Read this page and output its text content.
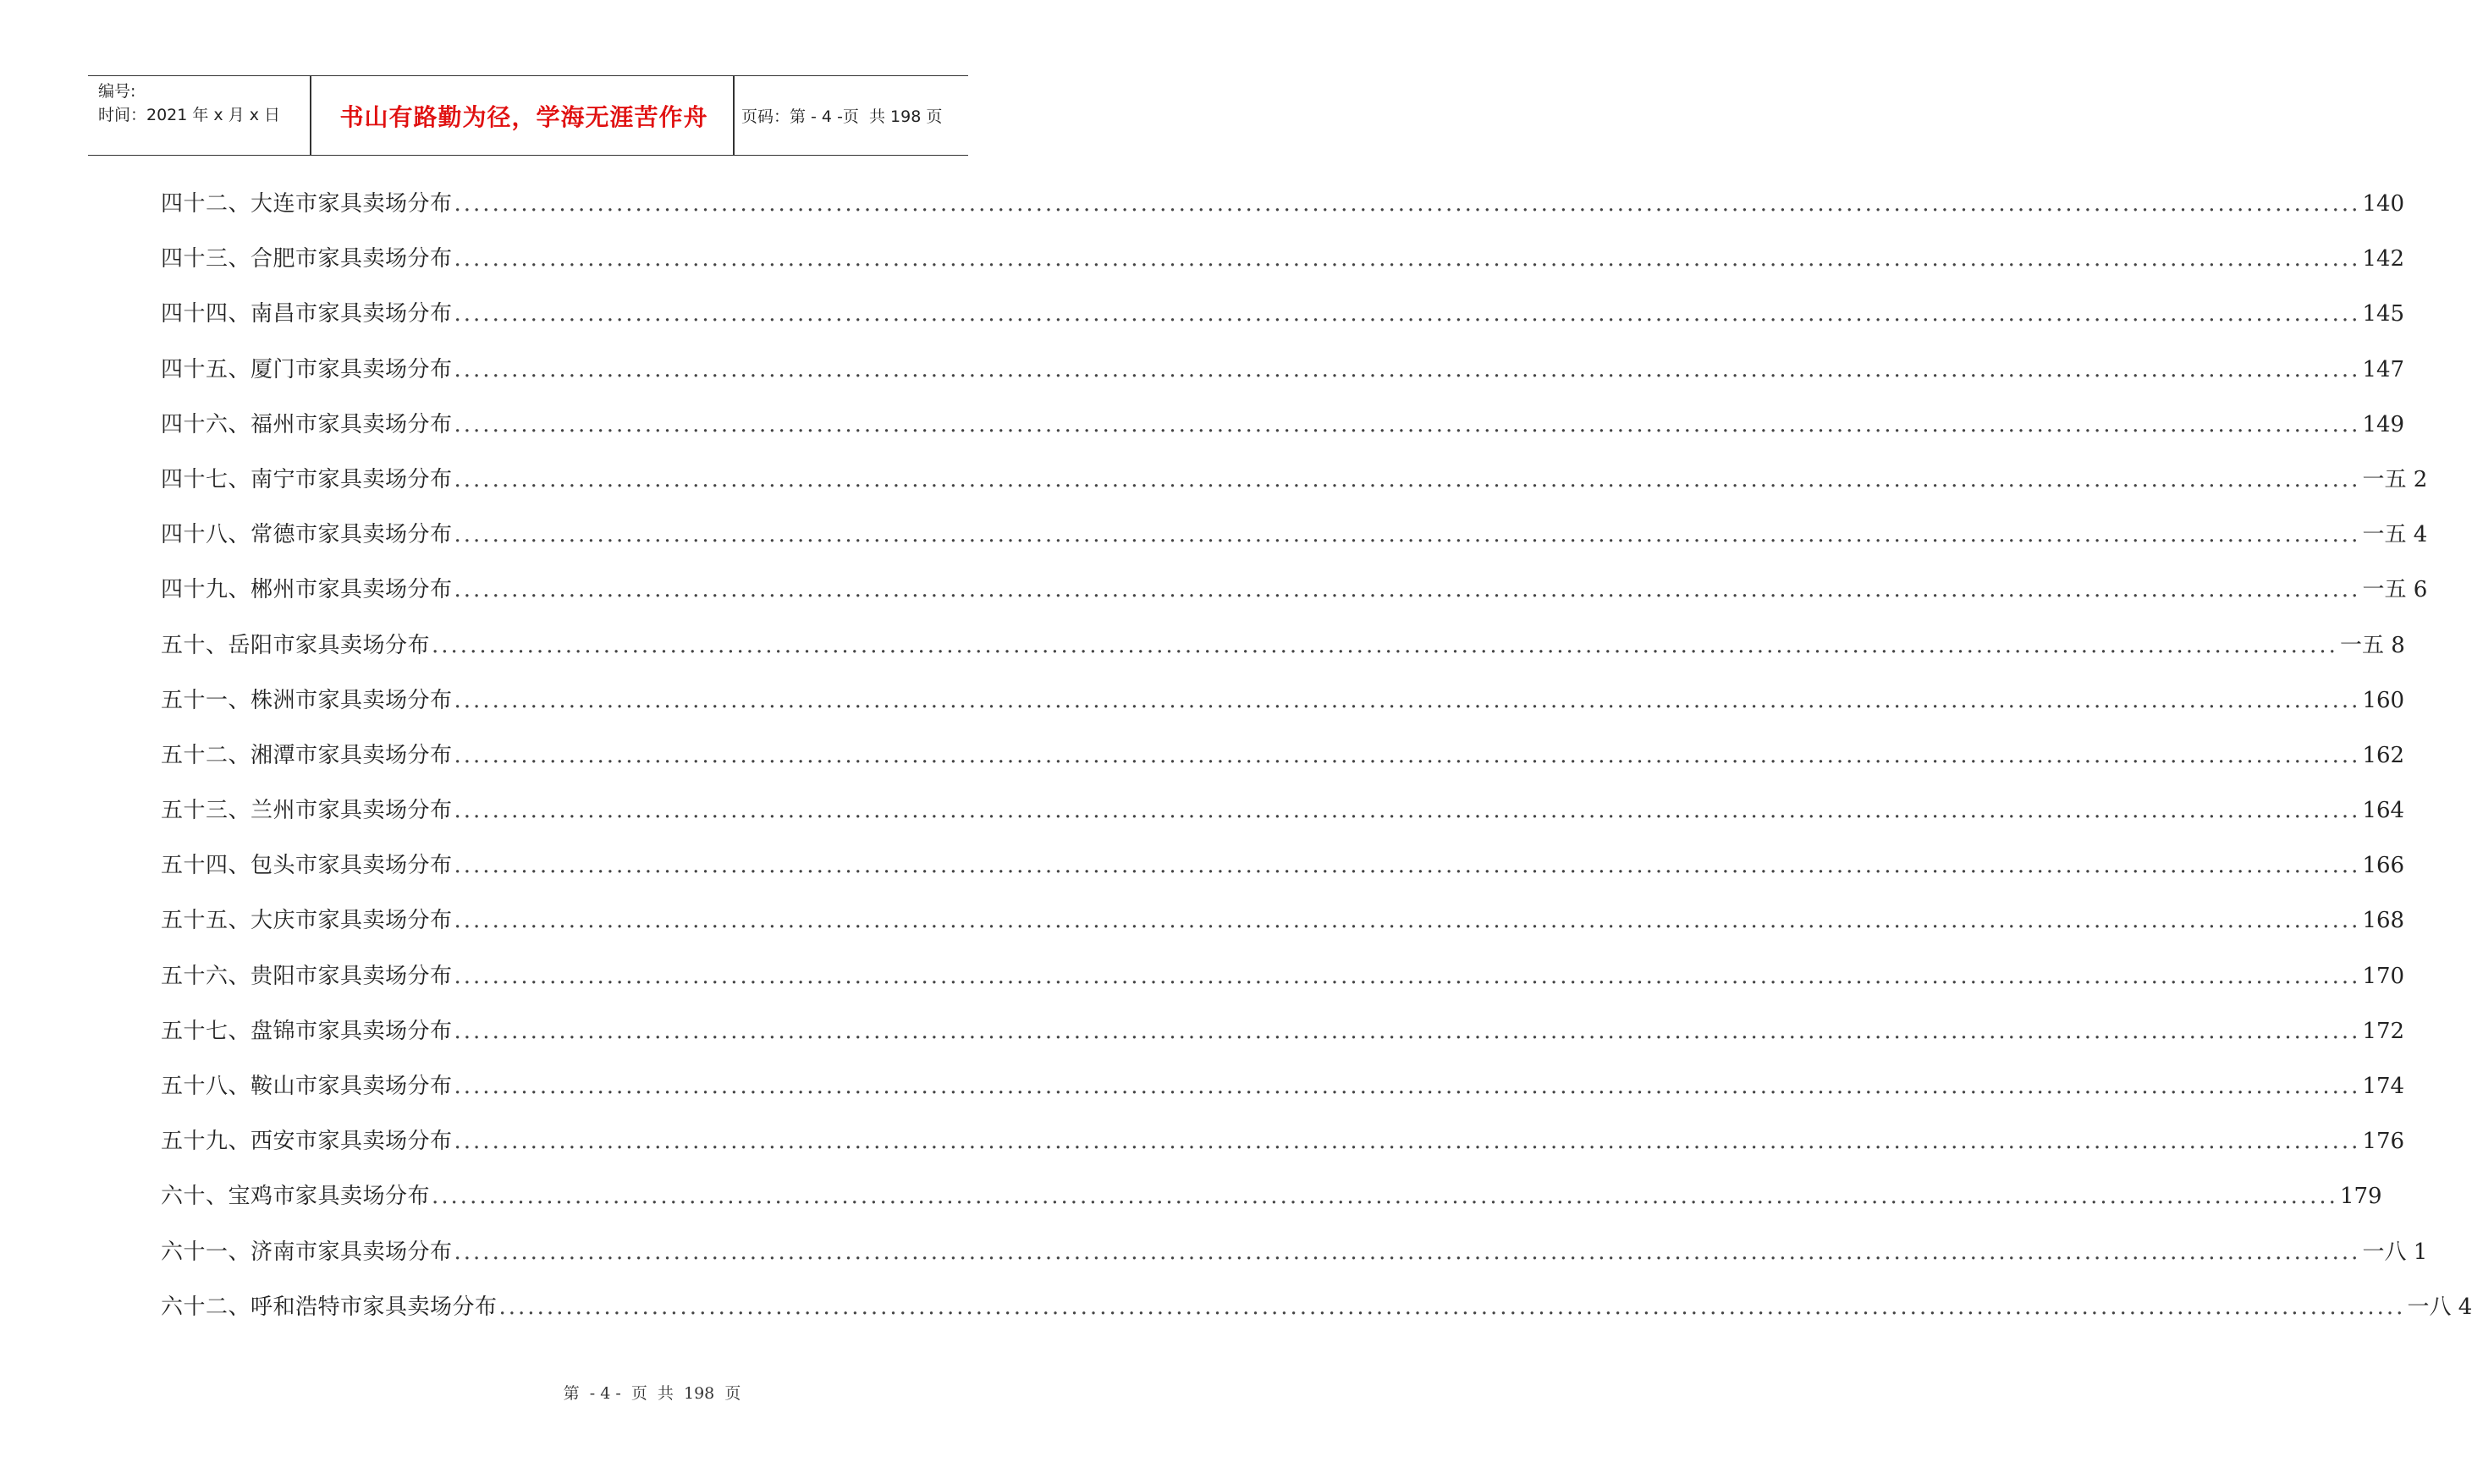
编号:
时间：2021 年 x 月 x 日	书山有路勤为径，学海无涯苦作舟	页码：第 - 4 -页  共 198 页
四十二、大连市家具卖场分布 ........................................................................................................................................................................................................ 140
四十三、合肥市家具卖场分布 ........................................................................................................................................................................................................ 142
四十四、南昌市家具卖场分布 ........................................................................................................................................................................................................ 145
四十五、厦门市家具卖场分布 ........................................................................................................................................................................................................ 147
四十六、福州市家具卖场分布 ........................................................................................................................................................................................................ 149
四十七、南宁市家具卖场分布 ........................................................................................................................................................................................................ 一五 2
四十八、常德市家具卖场分布 ........................................................................................................................................................................................................ 一五 4
四十九、郴州市家具卖场分布 ........................................................................................................................................................................................................ 一五 6
五十、岳阳市家具卖场分布 ........................................................................................................................................................................................................ 一五 8
五十一、株洲市家具卖场分布 ........................................................................................................................................................................................................ 160
五十二、湘潭市家具卖场分布 ........................................................................................................................................................................................................ 162
五十三、兰州市家具卖场分布 ........................................................................................................................................................................................................ 164
五十四、包头市家具卖场分布 ........................................................................................................................................................................................................ 166
五十五、大庆市家具卖场分布 ........................................................................................................................................................................................................ 168
五十六、贵阳市家具卖场分布 ........................................................................................................................................................................................................ 170
五十七、盘锦市家具卖场分布 ........................................................................................................................................................................................................ 172
五十八、鞍山市家具卖场分布 ........................................................................................................................................................................................................ 174
五十九、西安市家具卖场分布 ........................................................................................................................................................................................................ 176
六十、宝鸡市家具卖场分布 ........................................................................................................................................................................................................ 179
六十一、济南市家具卖场分布 ........................................................................................................................................................................................................ 一八 1
六十二、呼和浩特市家具卖场分布 ........................................................................................................................................................................................................ 一八 4
第  - 4 -  页  共  198  页
